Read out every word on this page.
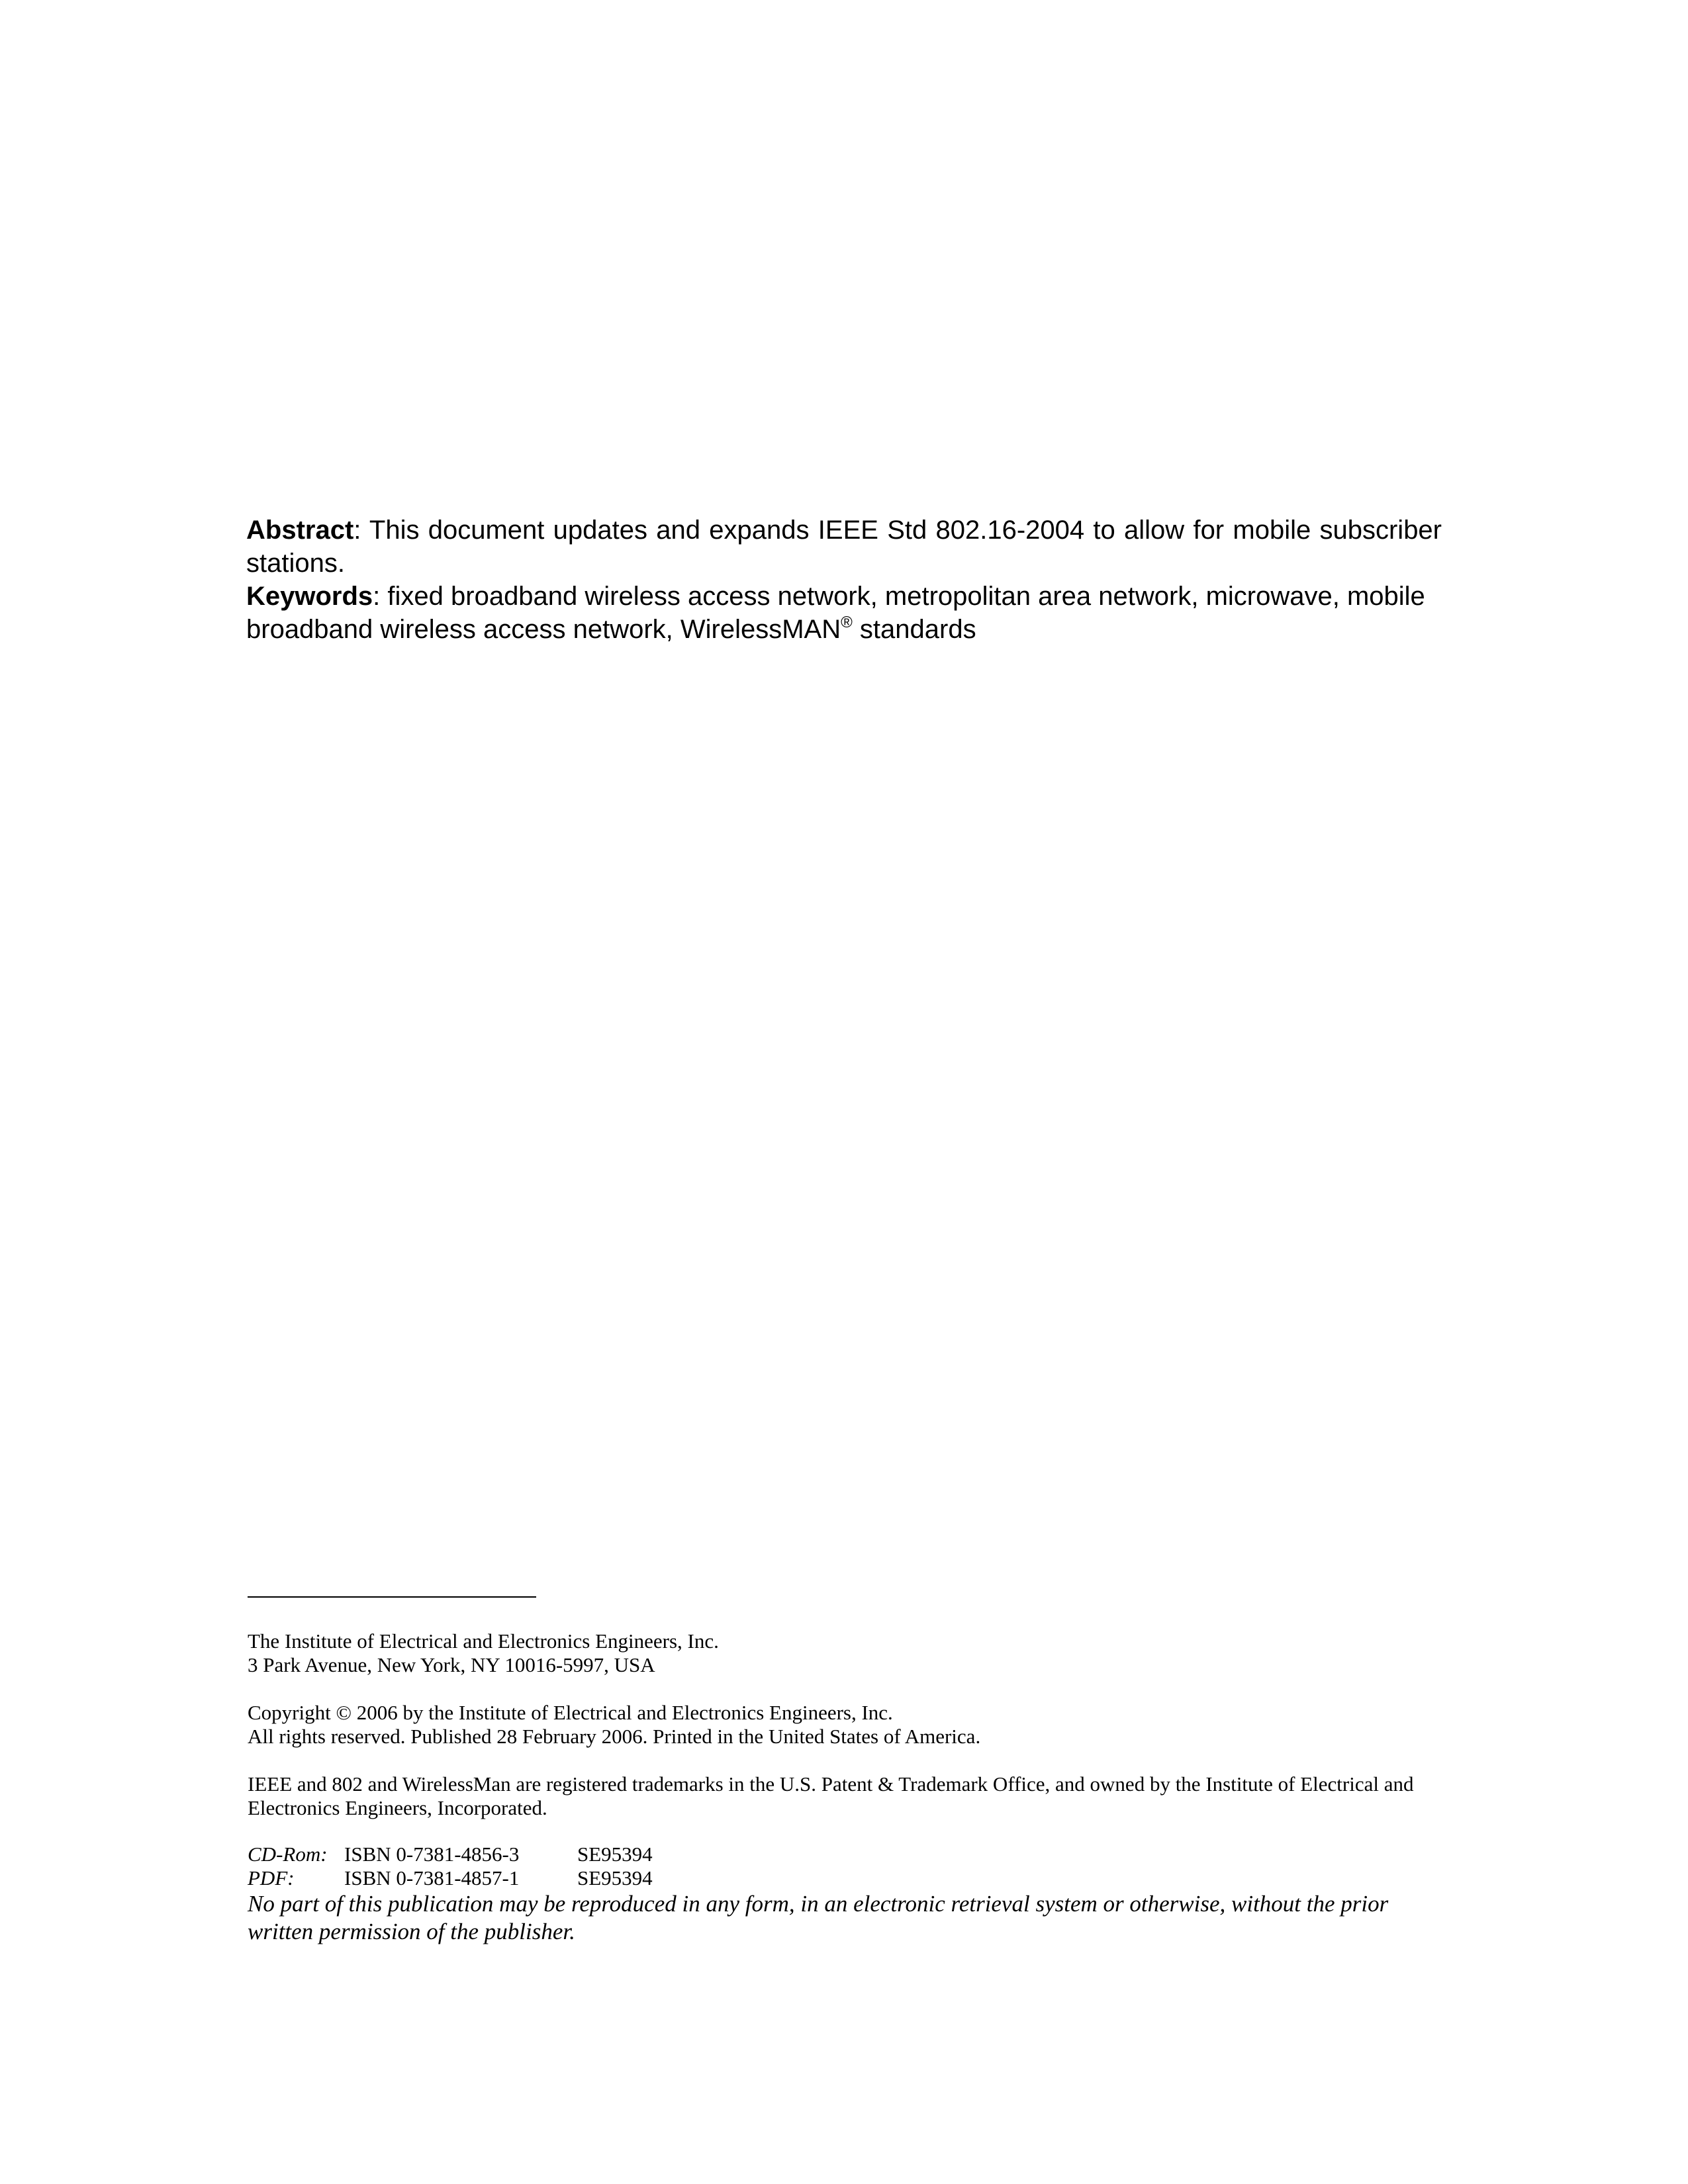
Abstract: This document updates and expands IEEE Std 802.16-2004 to allow for mobile subscriber stations.

Keywords: fixed broadband wireless access network, metropolitan area network, microwave, mobile broadband wireless access network, WirelessMAN® standards

The Institute of Electrical and Electronics Engineers, Inc.

3 Park Avenue, New York, NY 10016-5997, USA

Copyright © 2006 by the Institute of Electrical and Electronics Engineers, Inc.

All rights reserved. Published 28 February 2006. Printed in the United States of America.

IEEE and 802 and WirelessMan are registered trademarks in the U.S. Patent & Trademark Office, and owned by the Institute of Electrical and Electronics Engineers, Incorporated.

CD-Rom: ISBN 0-7381-4856-3	SE95394
PDF:	ISBN 0-7381-4857-1	SE95394

No part of this publication may be reproduced in any form, in an electronic retrieval system or otherwise, without the prior written permission of the publisher.
